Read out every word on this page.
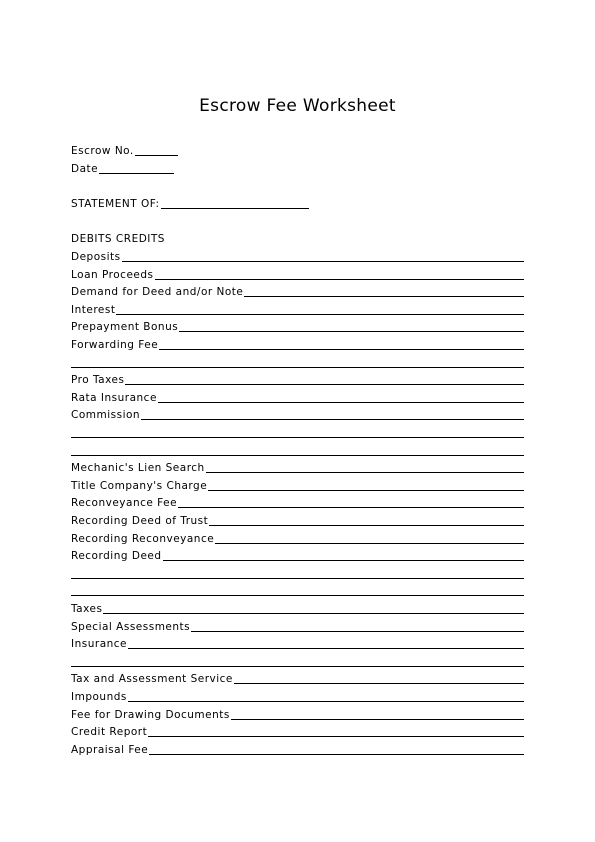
Escrow Fee Worksheet
Escrow No.
Date
STATEMENT OF:
DEBITS CREDITS
Deposits
Loan Proceeds
Demand for Deed and/or Note
Interest
Prepayment Bonus
Forwarding Fee
Pro Taxes
Rata Insurance
Commission
Mechanic's Lien Search
Title Company's Charge
Reconveyance Fee
Recording Deed of Trust
Recording Reconveyance
Recording Deed
Taxes
Special Assessments
Insurance
Tax and Assessment Service
Impounds
Fee for Drawing Documents
Credit Report
Appraisal Fee
